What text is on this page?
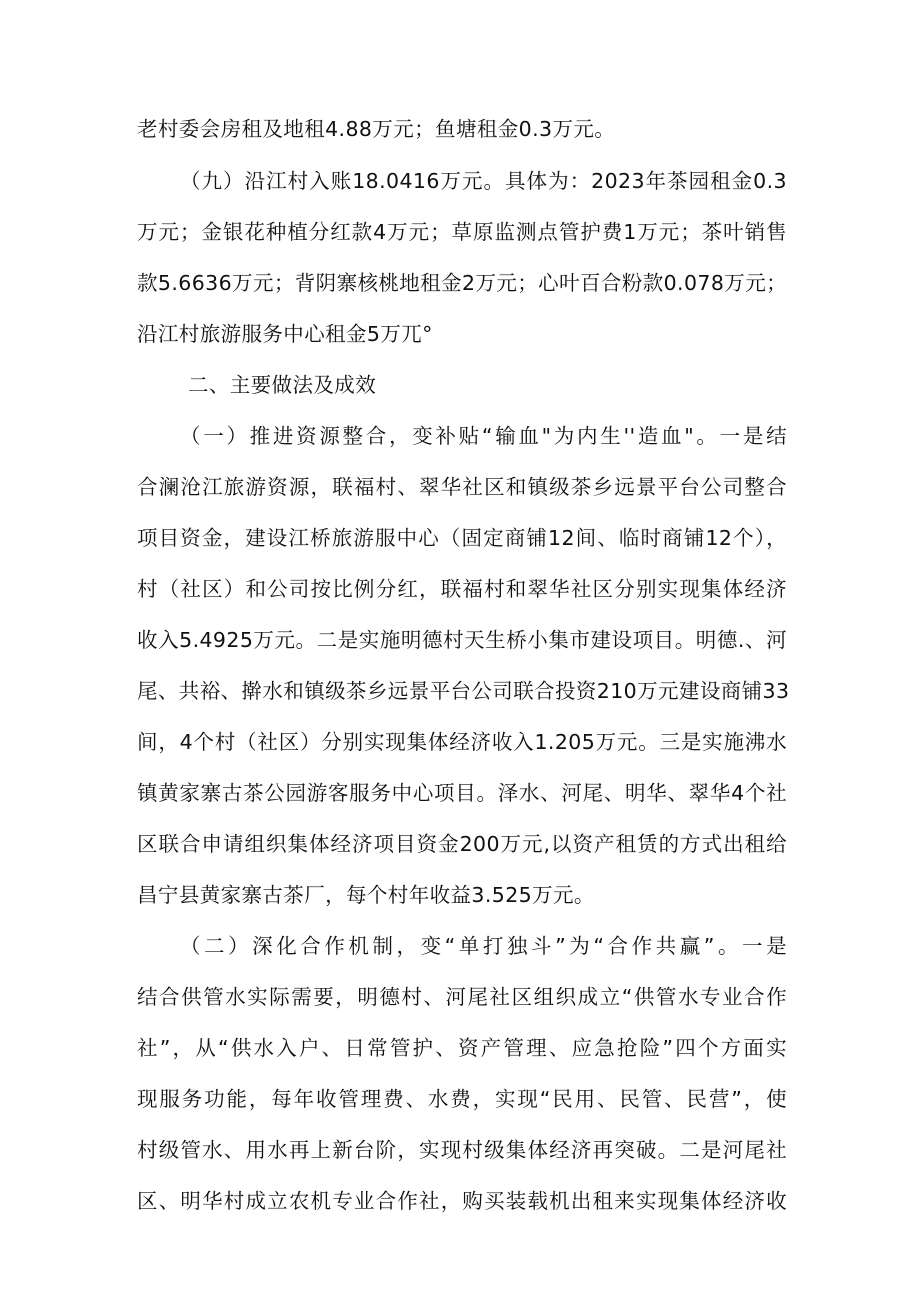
老村委会房租及地租4.88万元；鱼塘租金0.3万元。
（九）沿江村入账18.0416万元。具体为：2023年茶园租金0.3
万元；金银花种植分红款4万元；草原监测点管护费1万元；茶叶销售
款5.6636万元；背阴寨核桃地租金2万元；心叶百合粉款0.078万元；
沿江村旅游服务中心租金5万兀°
二、主要做法及成效
（一）推进资源整合，变补贴“输血"为内生''造血"。一是结
合澜沧江旅游资源，联福村、翠华社区和镇级茶乡远景平台公司整合
项目资金，建设江桥旅游服中心（固定商铺12间、临时商铺12个），
村（社区）和公司按比例分红，联福村和翠华社区分别实现集体经济
收入5.4925万元。二是实施明德村天生桥小集市建设项目。明德.、河
尾、共裕、擀水和镇级茶乡远景平台公司联合投资210万元建设商铺33
间，4个村（社区）分别实现集体经济收入1.205万元。三是实施沸水
镇黄家寨古茶公园游客服务中心项目。泽水、河尾、明华、翠华4个社
区联合申请组织集体经济项目资金200万元,以资产租赁的方式出租给
昌宁县黄家寨古茶厂，每个村年收益3.525万元。
（二）深化合作机制，变“单打独斗”为“合作共赢”。一是
结合供管水实际需要，明德村、河尾社区组织成立“供管水专业合作
社”，从“供水入户、日常管护、资产管理、应急抢险”四个方面实
现服务功能，每年收管理费、水费，实现“民用、民管、民营”，使
村级管水、用水再上新台阶，实现村级集体经济再突破。二是河尾社
区、明华村成立农机专业合作社，购买装载机出租来实现集体经济收
